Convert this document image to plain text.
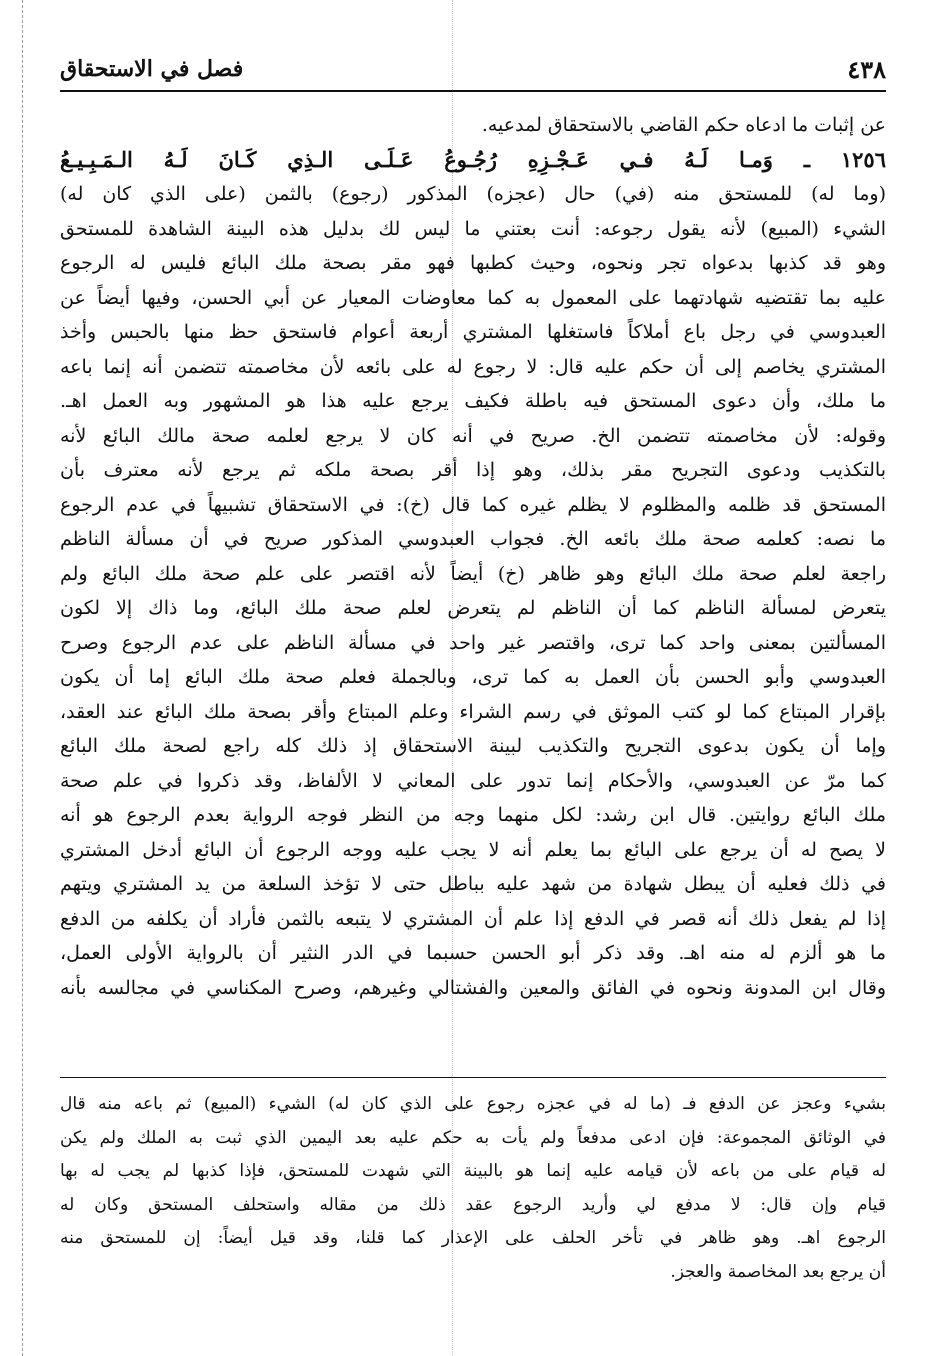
٤٣٨
فصل في الاستحقاق
عن إثبات ما ادعاه حكم القاضي بالاستحقاق لمدعيه.
١٢٥٦ ـ وَمـا لَـهُ فـي عَـجْـزِهِ رُجُـوعُ عَـلَـى الـذِي كَـانَ لَـهُ الـمَـبِـيـعُ
(وما له) للمستحق منه (في) حال (عجزه) المذكور (رجوع) بالثمن (على الذي كان له)
الشيء (المبيع) لأنه يقول رجوعه: أنت بعتني ما ليس لك بدليل هذه البينة الشاهدة للمستحق
وهو قد كذبها بدعواه تجر ونحوه، وحيث كطبها فهو مقر بصحة ملك البائع فليس له الرجوع
عليه بما تقتضيه شهادتهما على المعمول به كما معاوضات المعيار عن أبي الحسن، وفيها أيضاً عن
العبدوسي في رجل باع أملاكاً فاستغلها المشتري أربعة أعوام فاستحق حظ منها بالحبس وأخذ
المشتري يخاصم إلى أن حكم عليه قال: لا رجوع له على بائعه لأن مخاصمته تتضمن أنه إنما باعه
ما ملك، وأن دعوى المستحق فيه باطلة فكيف يرجع عليه هذا هو المشهور وبه العمل اهـ.
وقوله: لأن مخاصمته تتضمن الخ. صريح في أنه كان لا يرجع لعلمه صحة مالك البائع لأنه
بالتكذيب ودعوى التجريح مقر بذلك، وهو إذا أقر بصحة ملكه ثم يرجع لأنه معترف بأن
المستحق قد ظلمه والمظلوم لا يظلم غيره كما قال (خ): في الاستحقاق تشبيهاً في عدم الرجوع
ما نصه: كعلمه صحة ملك بائعه الخ. فجواب العبدوسي المذكور صريح في أن مسألة الناظم
راجعة لعلم صحة ملك البائع وهو ظاهر (خ) أيضاً لأنه اقتصر على علم صحة ملك البائع ولم
يتعرض لمسألة الناظم كما أن الناظم لم يتعرض لعلم صحة ملك البائع، وما ذاك إلا لكون
المسألتين بمعنى واحد كما ترى، واقتصر غير واحد في مسألة الناظم على عدم الرجوع وصرح
العبدوسي وأبو الحسن بأن العمل به كما ترى، وبالجملة فعلم صحة ملك البائع إما أن يكون
بإقرار المبتاع كما لو كتب الموثق في رسم الشراء وعلم المبتاع وأقر بصحة ملك البائع عند العقد،
وإما أن يكون بدعوى التجريح والتكذيب لبينة الاستحقاق إذ ذلك كله راجع لصحة ملك البائع
كما مرّ عن العبدوسي، والأحكام إنما تدور على المعاني لا الألفاظ، وقد ذكروا في علم صحة
ملك البائع روايتين. قال ابن رشد: لكل منهما وجه من النظر فوجه الرواية بعدم الرجوع هو أنه
لا يصح له أن يرجع على البائع بما يعلم أنه لا يجب عليه ووجه الرجوع أن البائع أدخل المشتري
في ذلك فعليه أن يبطل شهادة من شهد عليه بباطل حتى لا تؤخذ السلعة من يد المشتري ويتهم
إذا لم يفعل ذلك أنه قصر في الدفع إذا علم أن المشتري لا يتبعه بالثمن فأراد أن يكلفه من الدفع
ما هو ألزم له منه اهـ. وقد ذكر أبو الحسن حسبما في الدر النثير أن بالرواية الأولى العمل،
وقال ابن المدونة ونحوه في الفائق والمعين والفشتالي وغيرهم، وصرح المكناسي في مجالسه بأنه
بشيء وعجز عن الدفع فـ (ما له في عجزه رجوع على الذي كان له) الشيء (المبيع) ثم باعه منه قال
في الوثائق المجموعة: فإن ادعى مدفعاً ولم يأت به حكم عليه بعد اليمين الذي ثبت به الملك ولم يكن
له قيام على من باعه لأن قيامه عليه إنما هو بالبينة التي شهدت للمستحق، فإذا كذبها لم يجب له بها
قيام وإن قال: لا مدفع لي وأريد الرجوع عقد ذلك من مقاله واستحلف المستحق وكان له
الرجوع اهـ. وهو ظاهر في تأخر الحلف على الإعذار كما قلنا، وقد قيل أيضاً: إن للمستحق منه
أن يرجع بعد المخاصمة والعجز.
